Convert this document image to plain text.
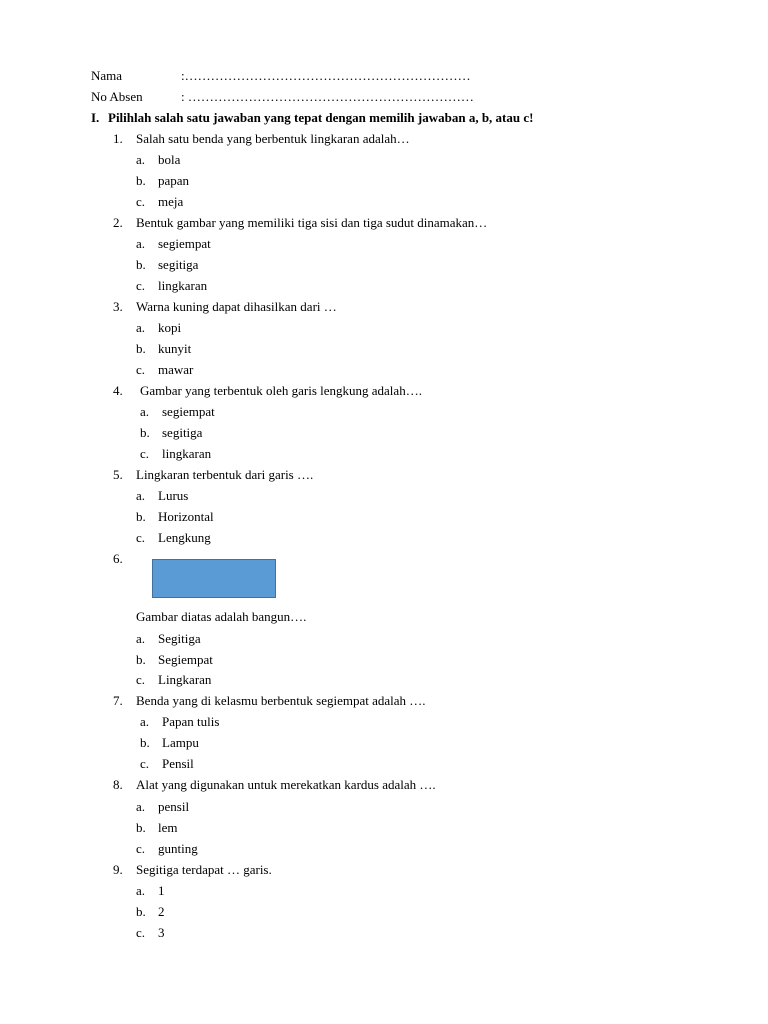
Nama	:…………………………………………………………
No Absen	: …………………………………………………………
I. Pilihlah salah satu jawaban yang tepat dengan memilih jawaban a, b, atau c!
1. Salah satu benda yang berbentuk lingkaran adalah…
a. bola
b. papan
c. meja
2. Bentuk gambar yang memiliki tiga sisi dan tiga sudut dinamakan…
a. segiempat
b. segitiga
c. lingkaran
3. Warna kuning dapat dihasilkan dari …
a. kopi
b. kunyit
c. mawar
4. Gambar yang terbentuk oleh garis lengkung adalah….
a. segiempat
b. segitiga
c. lingkaran
5. Lingkaran terbentuk dari garis ….
a. Lurus
b. Horizontal
c. Lengkung
6.
Gambar diatas adalah bangun….
a. Segitiga
b. Segiempat
c. Lingkaran
7. Benda yang di kelasmu berbentuk segiempat adalah ….
a. Papan tulis
b. Lampu
c. Pensil
8. Alat yang digunakan untuk merekatkan kardus adalah ….
a. pensil
b. lem
c. gunting
9. Segitiga terdapat … garis.
a. 1
b. 2
c. 3
